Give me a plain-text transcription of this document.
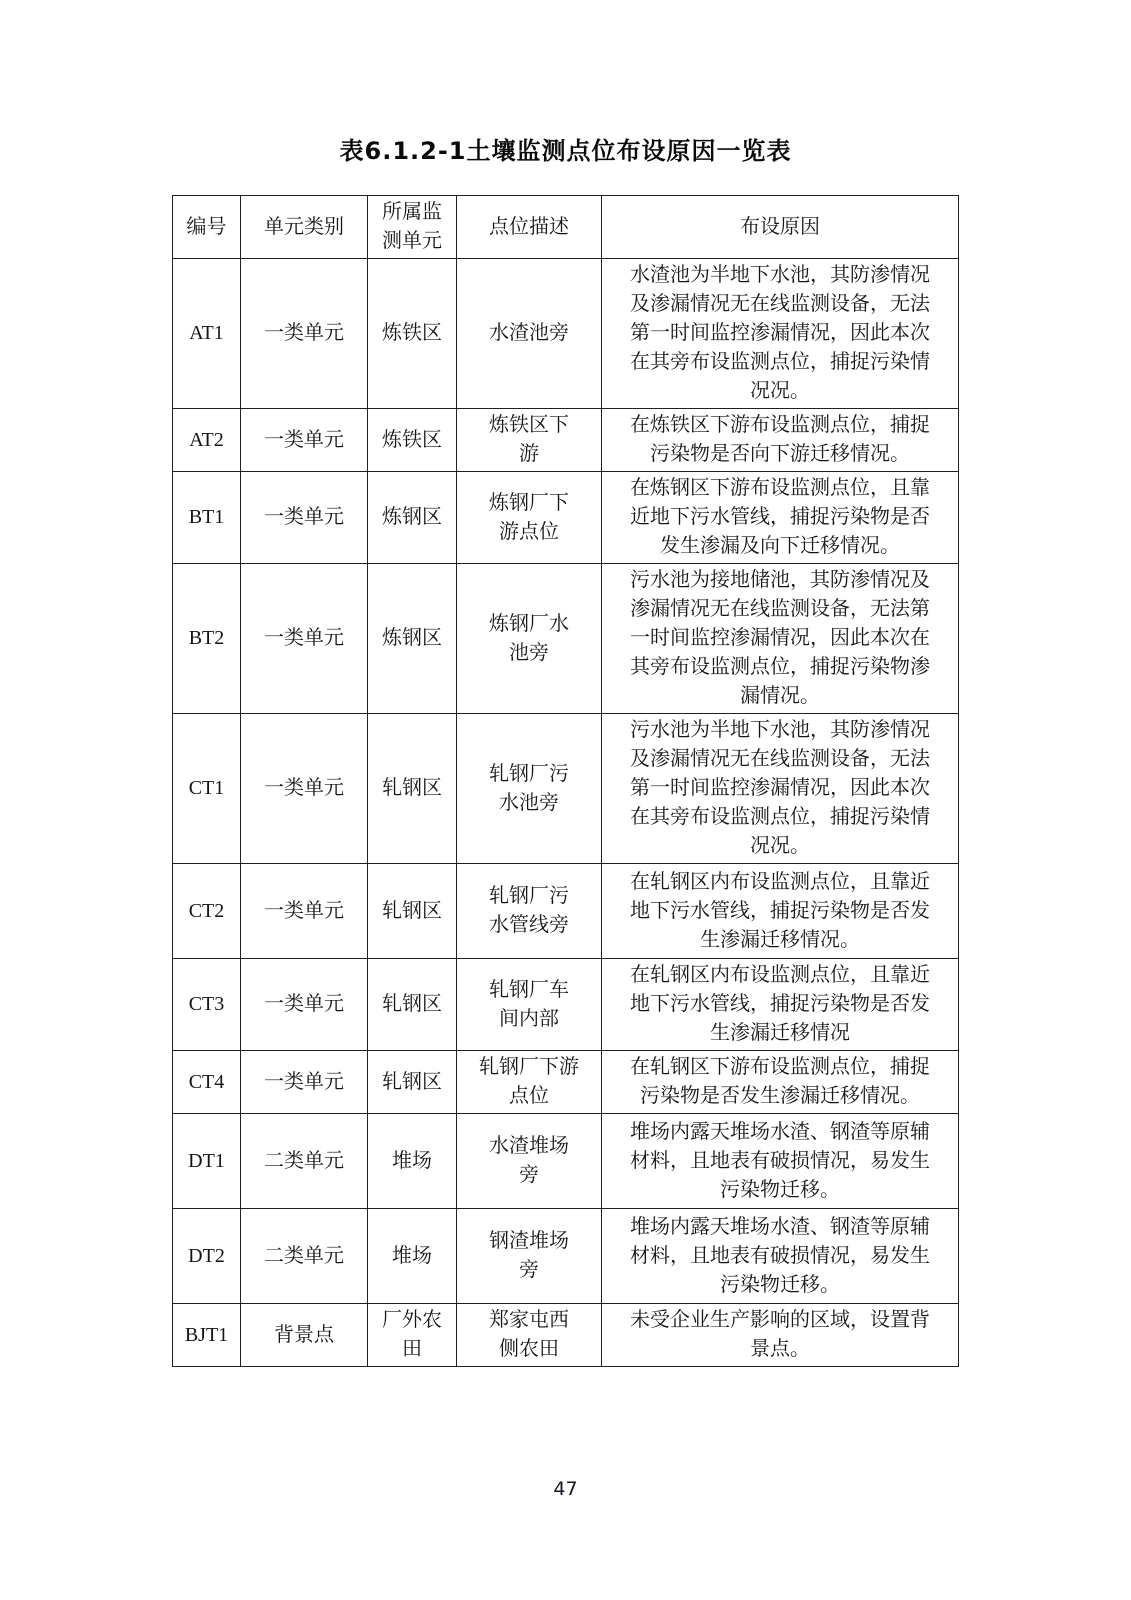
表6.1.2-1土壤监测点位布设原因一览表
编号	单元类别	所属监测单元	点位描述	布设原因
AT1	一类单元	炼铁区	水渣池旁	水渣池为半地下水池，其防渗情况及渗漏情况无在线监测设备，无法第一时间监控渗漏情况，因此本次在其旁布设监测点位，捕捉污染情况况。
AT2	一类单元	炼铁区	炼铁区下游	在炼铁区下游布设监测点位，捕捉污染物是否向下游迁移情况。
BT1	一类单元	炼钢区	炼钢厂下游点位	在炼钢区下游布设监测点位，且靠近地下污水管线，捕捉污染物是否发生渗漏及向下迁移情况。
BT2	一类单元	炼钢区	炼钢厂水池旁	污水池为接地储池，其防渗情况及渗漏情况无在线监测设备，无法第一时间监控渗漏情况，因此本次在其旁布设监测点位，捕捉污染物渗漏情况。
CT1	一类单元	轧钢区	轧钢厂污水池旁	污水池为半地下水池，其防渗情况及渗漏情况无在线监测设备，无法第一时间监控渗漏情况，因此本次在其旁布设监测点位，捕捉污染情况况。
CT2	一类单元	轧钢区	轧钢厂污水管线旁	在轧钢区内布设监测点位，且靠近地下污水管线，捕捉污染物是否发生渗漏迁移情况。
CT3	一类单元	轧钢区	轧钢厂车间内部	在轧钢区内布设监测点位，且靠近地下污水管线，捕捉污染物是否发生渗漏迁移情况
CT4	一类单元	轧钢区	轧钢厂下游点位	在轧钢区下游布设监测点位，捕捉污染物是否发生渗漏迁移情况。
DT1	二类单元	堆场	水渣堆场旁	堆场内露天堆场水渣、钢渣等原辅材料，且地表有破损情况，易发生污染物迁移。
DT2	二类单元	堆场	钢渣堆场旁	堆场内露天堆场水渣、钢渣等原辅材料，且地表有破损情况，易发生污染物迁移。
BJT1	背景点	厂外农田	郑家屯西侧农田	未受企业生产影响的区域，设置背景点。
47
